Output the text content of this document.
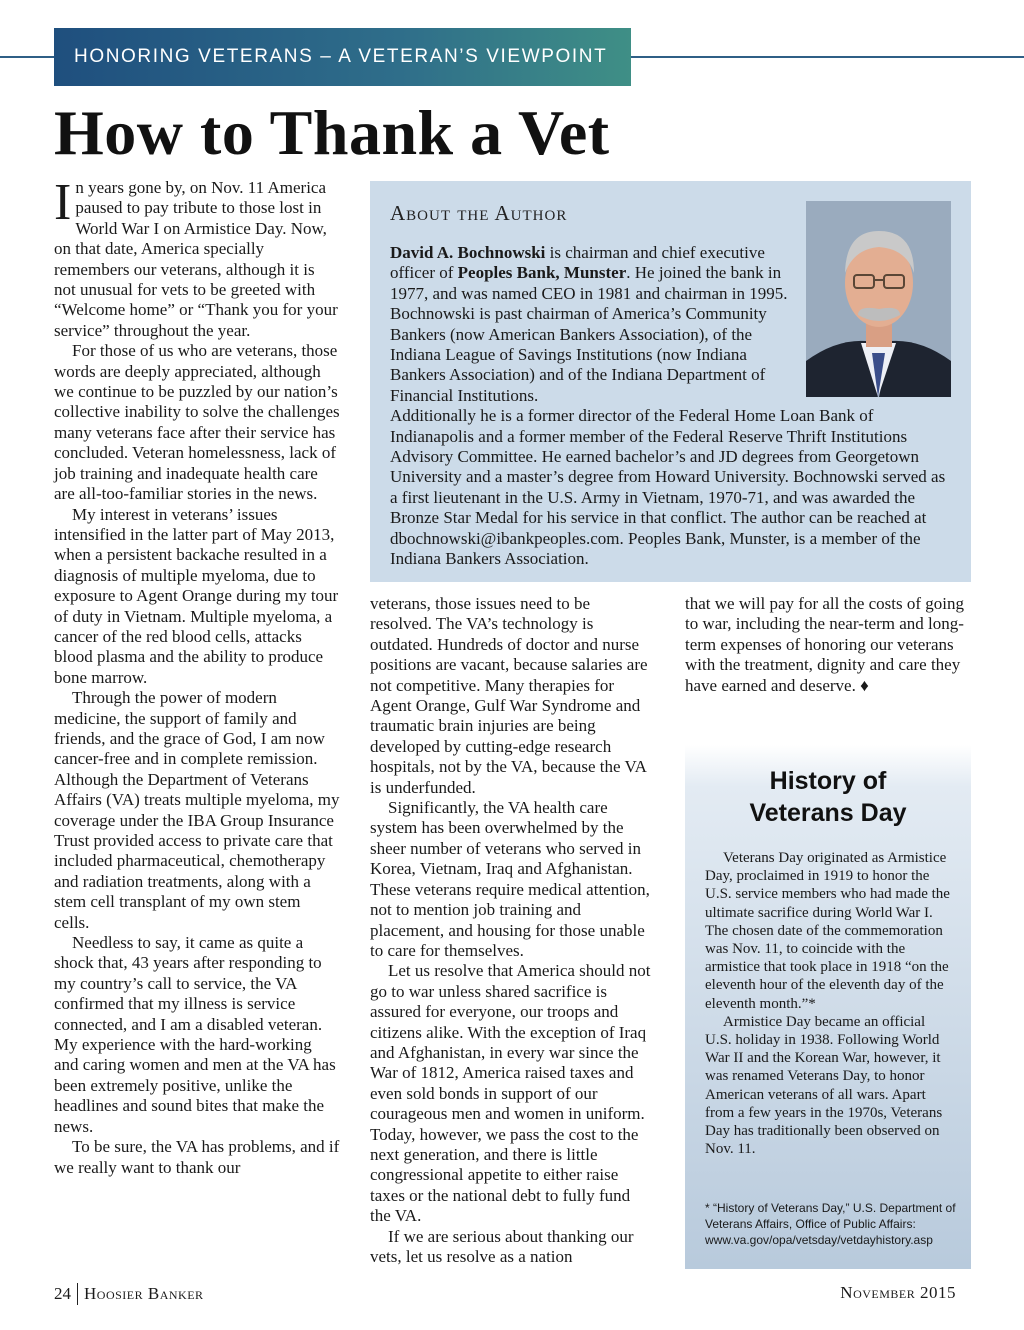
HONORING VETERANS – A VETERAN’S VIEWPOINT
How to Thank a Vet

In years gone by, on Nov. 11 America paused to pay tribute to those lost in World War I on Armistice Day. Now, on that date, America specially remembers our veterans, although it is not unusual for vets to be greeted with “Welcome home” or “Thank you for your service” throughout the year.

For those of us who are veterans, those words are deeply appreciated, although we continue to be puzzled by our nation’s collective inability to solve the challenges many veterans face after their service has concluded. Veteran homelessness, lack of job training and inadequate health care are all-too-familiar stories in the news.

My interest in veterans’ issues intensified in the latter part of May 2013, when a persistent backache resulted in a diagnosis of multiple myeloma, due to exposure to Agent Orange during my tour of duty in Vietnam. Multiple myeloma, a cancer of the red blood cells, attacks blood plasma and the ability to produce bone marrow.

Through the power of modern medicine, the support of family and friends, and the grace of God, I am now cancer-free and in complete remission. Although the Department of Veterans Affairs (VA) treats multiple myeloma, my coverage under the IBA Group Insurance Trust provided access to private care that included pharmaceutical, chemotherapy and radiation treatments, along with a stem cell transplant of my own stem cells.

Needless to say, it came as quite a shock that, 43 years after responding to my country’s call to service, the VA confirmed that my illness is service connected, and I am a disabled veteran. My experience with the hard-working and caring women and men at the VA has been extremely positive, unlike the headlines and sound bites that make the news.

To be sure, the VA has problems, and if we really want to thank our

About the Author

David A. Bochnowski is chairman and chief executive officer of Peoples Bank, Munster. He joined the bank in 1977, and was named CEO in 1981 and chairman in 1995. Bochnowski is past chairman of America’s Community Bankers (now American Bankers Association), of the Indiana League of Savings Institutions (now Indiana Bankers Association) and of the Indiana Department of Financial Institutions.

Additionally he is a former director of the Federal Home Loan Bank of Indianapolis and a former member of the Federal Reserve Thrift Institutions Advisory Committee. He earned bachelor’s and JD degrees from Georgetown University and a master’s degree from Howard University. Bochnowski served as a first lieutenant in the U.S. Army in Vietnam, 1970-71, and was awarded the Bronze Star Medal for his service in that conflict. The author can be reached at dbochnowski@ibankpeoples.com. Peoples Bank, Munster, is a member of the Indiana Bankers Association.

veterans, those issues need to be resolved. The VA’s technology is outdated. Hundreds of doctor and nurse positions are vacant, because salaries are not competitive. Many therapies for Agent Orange, Gulf War Syndrome and traumatic brain injuries are being developed by cutting-edge research hospitals, not by the VA, because the VA is underfunded.

Significantly, the VA health care system has been overwhelmed by the sheer number of veterans who served in Korea, Vietnam, Iraq and Afghanistan. These veterans require medical attention, not to mention job training and placement, and housing for those unable to care for themselves.

Let us resolve that America should not go to war unless shared sacrifice is assured for everyone, our troops and citizens alike. With the exception of Iraq and Afghanistan, in every war since the War of 1812, America raised taxes and even sold bonds in support of our courageous men and women in uniform. Today, however, we pass the cost to the next generation, and there is little congressional appetite to either raise taxes or the national debt to fully fund the VA.

If we are serious about thanking our vets, let us resolve as a nation

that we will pay for all the costs of going to war, including the near-term and long-term expenses of honoring our veterans with the treatment, dignity and care they have earned and deserve. ♦

History of
Veterans Day

Veterans Day originated as Armistice Day, proclaimed in 1919 to honor the U.S. service members who had made the ultimate sacrifice during World War I. The chosen date of the commemoration was Nov. 11, to coincide with the armistice that took place in 1918 “on the eleventh hour of the eleventh day of the eleventh month.”*

Armistice Day became an official U.S. holiday in 1938. Following World War II and the Korean War, however, it was renamed Veterans Day, to honor American veterans of all wars. Apart from a few years in the 1970s, Veterans Day has traditionally been observed on Nov. 11.

* “History of Veterans Day,” U.S. Department of Veterans Affairs, Office of Public Affairs: www.va.gov/opa/vetsday/vetdayhistory.asp
24 Hoosier Banker	November 2015
